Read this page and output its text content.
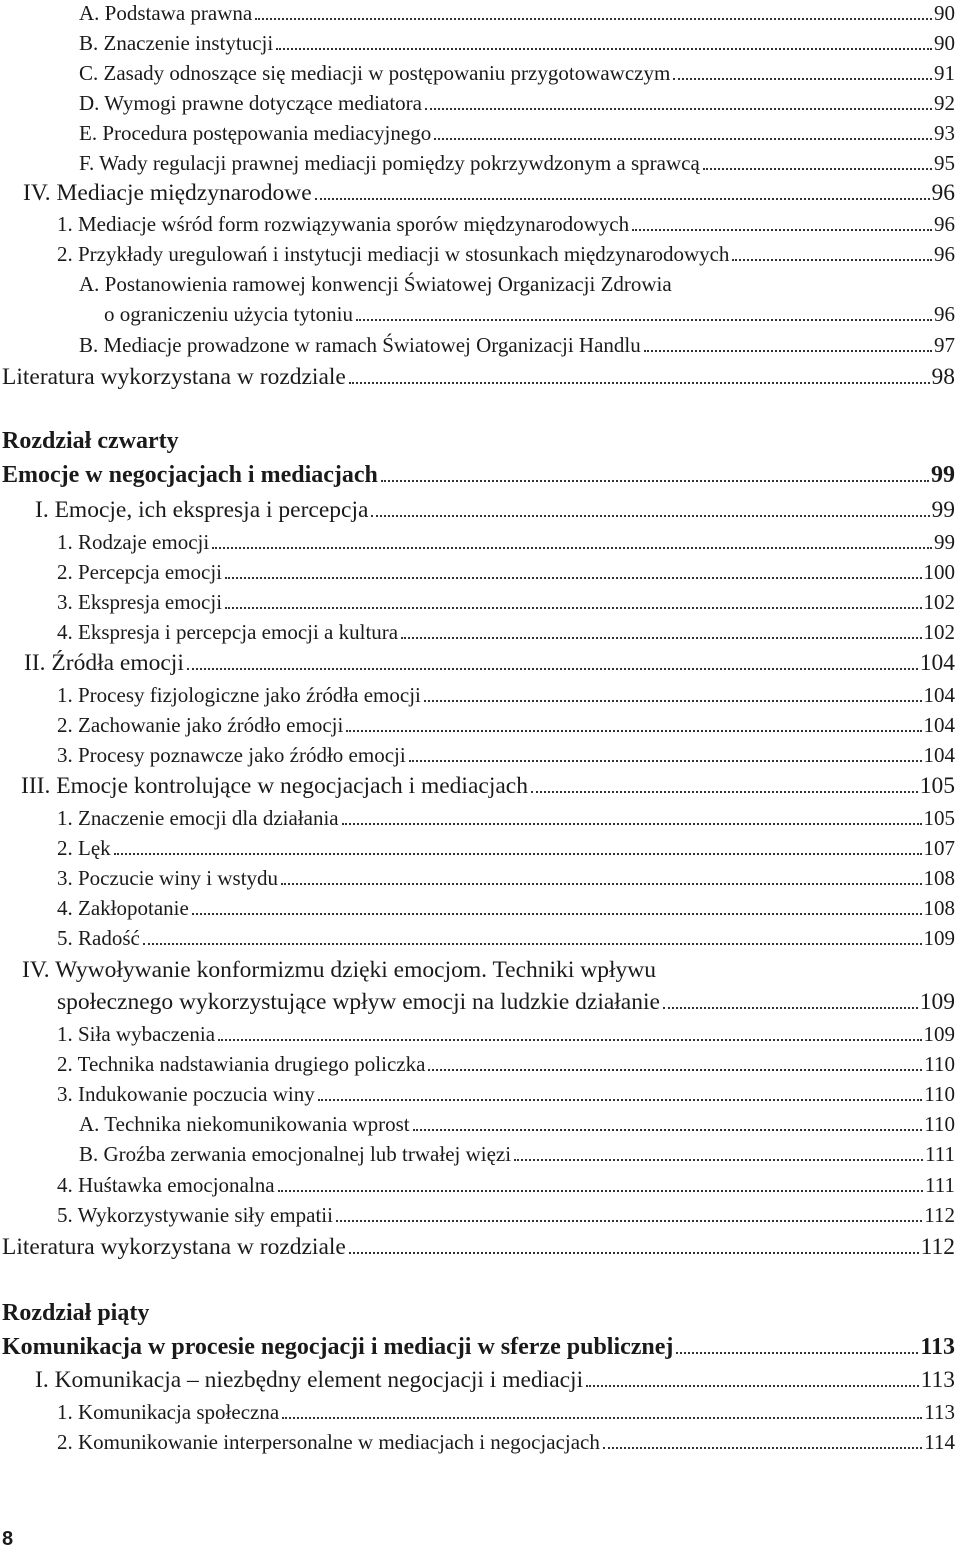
A. Podstawa prawna	90
B. Znaczenie instytucji	90
C. Zasady odnoszące się mediacji w postępowaniu przygotowawczym	91
D. Wymogi prawne dotyczące mediatora	92
E. Procedura postępowania mediacyjnego	93
F. Wady regulacji prawnej mediacji pomiędzy pokrzywdzonym a sprawcą	95
IV. Mediacje międzynarodowe	96
1. Mediacje wśród form rozwiązywania sporów międzynarodowych	96
2. Przykłady uregulowań i instytucji mediacji w stosunkach międzynarodowych	96
A. Postanowienia ramowej konwencji Światowej Organizacji Zdrowia
o ograniczeniu użycia tytoniu	96
B. Mediacje prowadzone w ramach Światowej Organizacji Handlu	97
Literatura wykorzystana w rozdziale	98
Rozdział czwarty
Emocje w negocjacjach i mediacjach	99
I. Emocje, ich ekspresja i percepcja	99
1. Rodzaje emocji	99
2. Percepcja emocji	100
3. Ekspresja emocji	102
4. Ekspresja i percepcja emocji a kultura	102
II. Źródła emocji	104
1. Procesy fizjologiczne jako źródła emocji	104
2. Zachowanie jako źródło emocji	104
3. Procesy poznawcze jako źródło emocji	104
III. Emocje kontrolujące w negocjacjach i mediacjach	105
1. Znaczenie emocji dla działania	105
2. Lęk	107
3. Poczucie winy i wstydu	108
4. Zakłopotanie	108
5. Radość	109
IV. Wywoływanie konformizmu dzięki emocjom. Techniki wpływu
społecznego wykorzystujące wpływ emocji na ludzkie działanie	109
1. Siła wybaczenia	109
2. Technika nadstawiania drugiego policzka	110
3. Indukowanie poczucia winy	110
A. Technika niekomunikowania wprost	110
B. Groźba zerwania emocjonalnej lub trwałej więzi	111
4. Huśtawka emocjonalna	111
5. Wykorzystywanie siły empatii	112
Literatura wykorzystana w rozdziale	112
Rozdział piąty
Komunikacja w procesie negocjacji i mediacji w sferze publicznej	113
I. Komunikacja – niezbędny element negocjacji i mediacji	113
1. Komunikacja społeczna	113
2. Komunikowanie interpersonalne w mediacjach i negocjacjach	114
8
